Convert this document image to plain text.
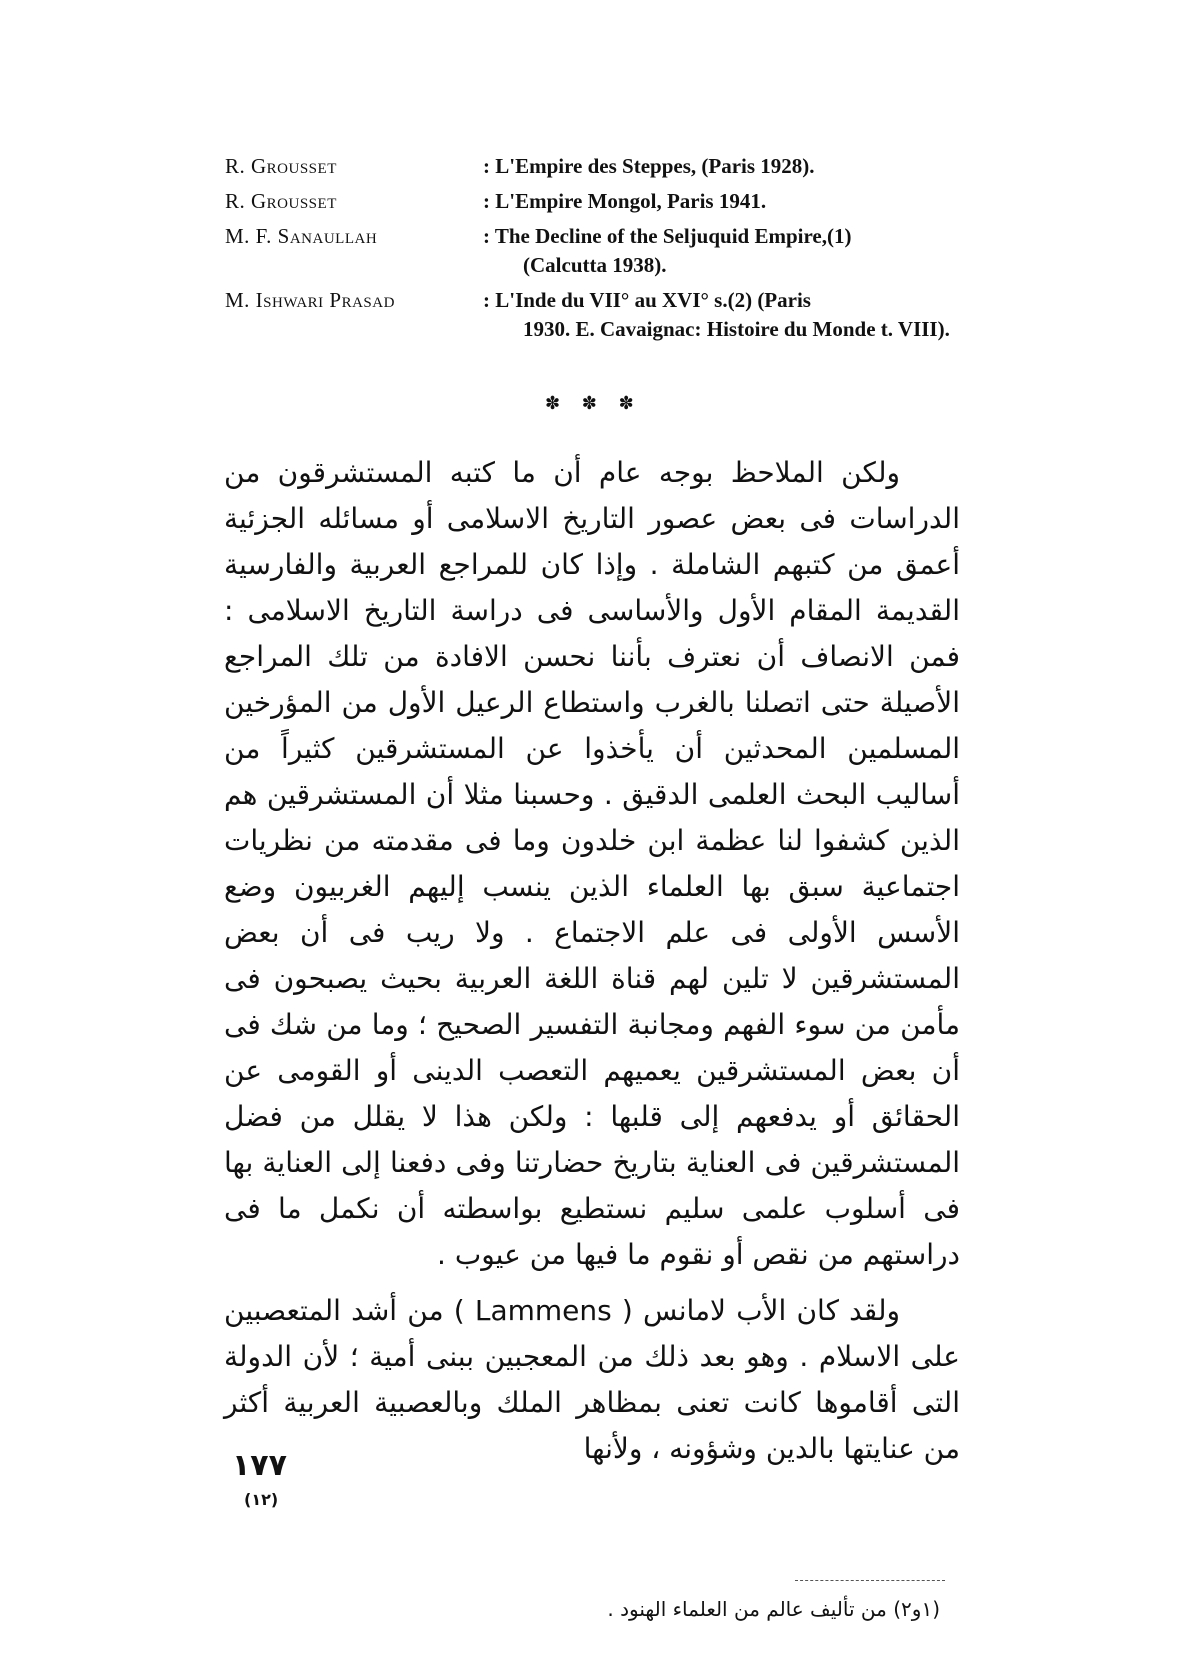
R. Grousset	: L'Empire des Steppes, (Paris 1928).
R. Grousset	: L'Empire Mongol, Paris 1941.
M. F. Sanaullah	: The Decline of the Seljuquid Empire,(1)
(Calcutta 1938).
M. Ishwari Prasad	: L'Inde du VII° au XVI° s.(2) (Paris
1930. E. Cavaignac: Histoire du Monde t. VIII).
✽ ✽ ✽

ولكن الملاحظ بوجه عام أن ما كتبه المستشرقون من الدراسات فى بعض عصور التاريخ الاسلامى أو مسائله الجزئية أعمق من كتبهم الشاملة . وإذا كان للمراجع العربية والفارسية القديمة المقام الأول والأساسى فى دراسة التاريخ الاسلامى : فمن الانصاف أن نعترف بأننا نحسن الافادة من تلك المراجع الأصيلة حتى اتصلنا بالغرب واستطاع الرعيل الأول من المؤرخين المسلمين المحدثين أن يأخذوا عن المستشرقين كثيراً من أساليب البحث العلمى الدقيق . وحسبنا مثلا أن المستشرقين هم الذين كشفوا لنا عظمة ابن خلدون وما فى مقدمته من نظريات اجتماعية سبق بها العلماء الذين ينسب إليهم الغربيون وضع الأسس الأولى فى علم الاجتماع . ولا ريب فى أن بعض المستشرقين لا تلين لهم قناة اللغة العربية بحيث يصبحون فى مأمن من سوء الفهم ومجانبة التفسير الصحيح ؛ وما من شك فى أن بعض المستشرقين يعميهم التعصب الدينى أو القومى عن الحقائق أو يدفعهم إلى قلبها : ولكن هذا لا يقلل من فضل المستشرقين فى العناية بتاريخ حضارتنا وفى دفعنا إلى العناية بها فى أسلوب علمى سليم نستطيع بواسطته أن نكمل ما فى دراستهم من نقص أو نقوم ما فيها من عيوب .

ولقد كان الأب لامانس ( Lammens ) من أشد المتعصبين على الاسلام . وهو بعد ذلك من المعجبين ببنى أمية ؛ لأن الدولة التى أقاموها كانت تعنى بمظاهر الملك وبالعصبية العربية أكثر من عنايتها بالدين وشؤونه ، ولأنها

(١و٢) من تأليف عالم من العلماء الهنود .
١٧٧
(١٢)
